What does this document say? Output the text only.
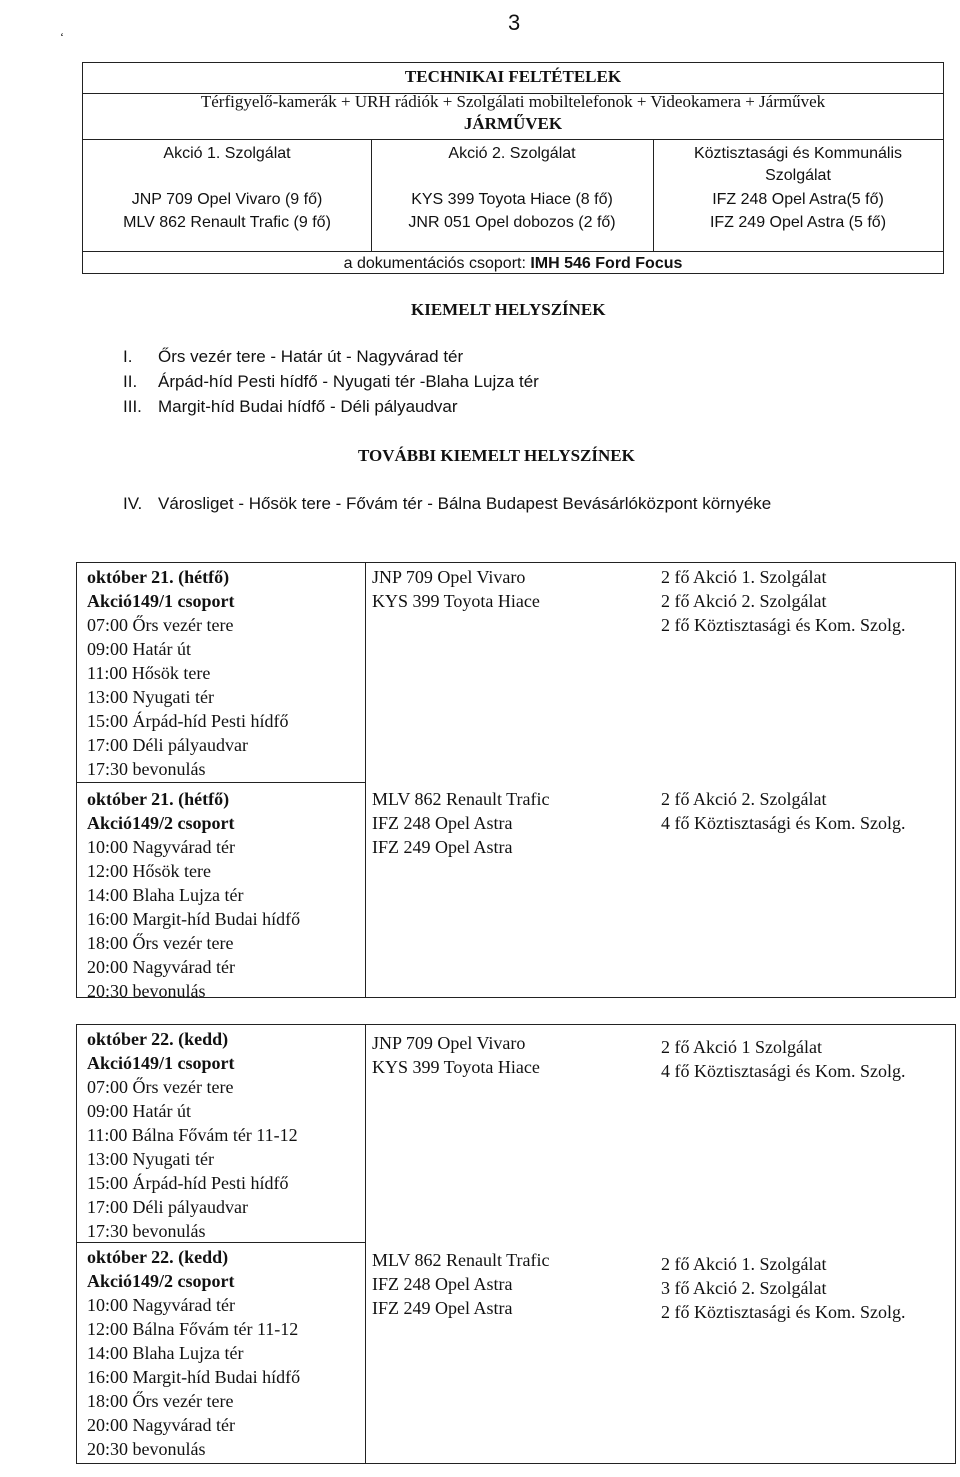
3
‘
TECHNIKAI FELTÉTELEK
Térfigyelő-kamerák + URH rádiók + Szolgálati mobiltelefonok + Videokamera + Járművek
JÁRMŰVEK
Akció 1. Szolgálat	Akció 2. Szolgálat	Köztisztasági és Kommunális
Szolgálat
JNP 709 Opel Vivaro (9 fő)
MLV 862 Renault Trafic (9 fő)
KYS 399 Toyota Hiace (8 fő)
JNR 051 Opel dobozos (2 fő)
IFZ 248 Opel Astra(5 fő)
IFZ 249 Opel Astra (5 fő)
a dokumentációs csoport: IMH 546 Ford Focus
KIEMELT HELYSZÍNEK
I. Őrs vezér tere - Határ út - Nagyvárad tér
II. Árpád-híd Pesti hídfő - Nyugati tér -Blaha Lujza tér
III. Margit-híd Budai hídfő - Déli pályaudvar
TOVÁBBI KIEMELT HELYSZÍNEK
IV. Városliget - Hősök tere - Fővám tér - Bálna Budapest Bevásárlóközpont környéke
október 21. (hétfő)
Akció149/1 csoport
07:00 Őrs vezér tere
09:00 Határ út
11:00 Hősök tere
13:00 Nyugati tér
15:00 Árpád-híd Pesti hídfő
17:00 Déli pályaudvar
17:30 bevonulás
JNP 709 Opel Vivaro
KYS 399 Toyota Hiace
2 fő Akció 1. Szolgálat
2 fő Akció 2. Szolgálat
2 fő Köztisztasági és Kom. Szolg.
október 21. (hétfő)
Akció149/2 csoport
10:00 Nagyvárad tér
12:00 Hősök tere
14:00 Blaha Lujza tér
16:00 Margit-híd Budai hídfő
18:00 Őrs vezér tere
20:00 Nagyvárad tér
20:30 bevonulás
MLV 862 Renault Trafic
IFZ 248 Opel Astra
IFZ 249 Opel Astra
2 fő Akció 2. Szolgálat
4 fő Köztisztasági és Kom. Szolg.
október 22. (kedd)
Akció149/1 csoport
07:00 Őrs vezér tere
09:00 Határ út
11:00 Bálna Fővám tér 11-12
13:00 Nyugati tér
15:00 Árpád-híd Pesti hídfő
17:00 Déli pályaudvar
17:30 bevonulás
JNP 709 Opel Vivaro
KYS 399 Toyota Hiace
2 fő Akció 1 Szolgálat
4 fő Köztisztasági és Kom. Szolg.
október 22. (kedd)
Akció149/2 csoport
10:00 Nagyvárad tér
12:00 Bálna Fővám tér 11-12
14:00 Blaha Lujza tér
16:00 Margit-híd Budai hídfő
18:00 Őrs vezér tere
20:00 Nagyvárad tér
20:30 bevonulás
MLV 862 Renault Trafic
IFZ 248 Opel Astra
IFZ 249 Opel Astra
2 fő Akció 1. Szolgálat
3 fő Akció 2. Szolgálat
2 fő Köztisztasági és Kom. Szolg.
